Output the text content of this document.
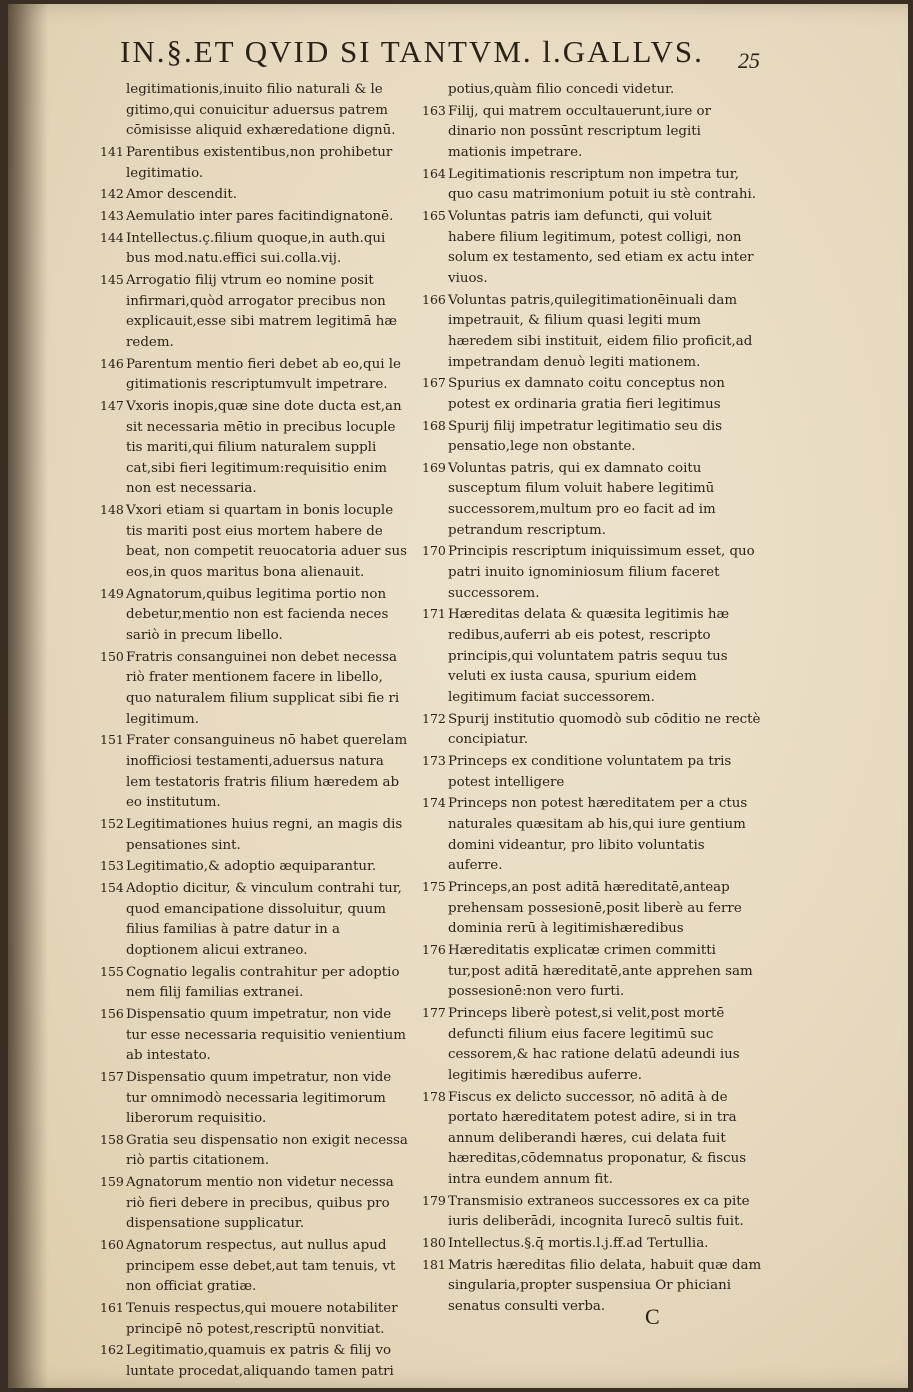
IN.§.ET QVID SI TANTVM. l.GALLVS. 25
legitimationis,inuito filio naturali & le gitimo,qui conuicitur aduersus patrem cōmisisse aliquid exhæredatione dignū.
141 Parentibus existentibus,non prohibetur legitimatio.
142 Amor descendit.
143 Aemulatio inter pares facitindignatonē.
144 Intellectus.ç.filium quoque,in auth.qui bus mod.natu.effici sui.colla.vij.
145 Arrogatio filij vtrum eo nomine posit infirmari,quòd arrogator precibus non explicauit,esse sibi matrem legitimā hæ redem.
146 Parentum mentio fieri debet ab eo,qui le gitimationis rescriptumvult impetrare.
147 Vxoris inopis,quæ sine dote ducta est,an sit necessaria mētio in precibus locuple tis mariti,qui filium naturalem suppli cat,sibi fieri legitimum:requisitio enim non est necessaria.
148 Vxori etiam si quartam in bonis locuple tis mariti post eius mortem habere de beat, non competit reuocatoria aduer sus eos,in quos maritus bona alienauit.
149 Agnatorum,quibus legitima portio non debetur,mentio non est facienda neces sariò in precum libello.
150 Fratris consanguinei non debet necessa riò frater mentionem facere in libello, quo naturalem filium supplicat sibi fie ri legitimum.
151 Frater consanguineus nō habet querelam inofficiosi testamenti,aduersus natura lem testatoris fratris filium hæredem ab eo institutum.
152 Legitimationes huius regni, an magis dis pensationes sint.
153 Legitimatio,& adoptio æquiparantur.
154 Adoptio dicitur, & vinculum contrahi tur, quod emancipatione dissoluitur, quum filius familias à patre datur in a doptionem alicui extraneo.
155 Cognatio legalis contrahitur per adoptio nem filij familias extranei.
156 Dispensatio quum impetratur, non vide tur esse necessaria requisitio venientium ab intestato.
157 Dispensatio quum impetratur, non vide tur omnimodò necessaria legitimorum liberorum requisitio.
158 Gratia seu dispensatio non exigit necessa riò partis citationem.
159 Agnatorum mentio non videtur necessa riò fieri debere in precibus, quibus pro dispensatione supplicatur.
160 Agnatorum respectus, aut nullus apud principem esse debet,aut tam tenuis, vt non officiat gratiæ.
161 Tenuis respectus,qui mouere notabiliter principē nō potest,rescriptū nonvitiat.
162 Legitimatio,quamuis ex patris & filij vo luntate procedat,aliquando tamen patri
potius,quàm filio concedi videtur.
163 Filij, qui matrem occultauerunt,iure or dinario non possūnt rescriptum legiti mationis impetrare.
164 Legitimationis rescriptum non impetra tur, quo casu matrimonium potuit iu stè contrahi.
165 Voluntas patris iam defuncti, qui voluit habere filium legitimum, potest colligi, non solum ex testamento, sed etiam ex actu inter viuos.
166 Voluntas patris,quilegitimationēinuali dam impetrauit, & filium quasi legiti mum hæredem sibi instituit, eidem filio proficit,ad impetrandam denuò legiti mationem.
167 Spurius ex damnato coitu conceptus non potest ex ordinaria gratia fieri legitimus
168 Spurij filij impetratur legitimatio seu dis pensatio,lege non obstante.
169 Voluntas patris, qui ex damnato coitu susceptum filum voluit habere legitimū successorem,multum pro eo facit ad im petrandum rescriptum.
170 Principis rescriptum iniquissimum esset, quo patri inuito ignominiosum filium faceret successorem.
171 Hæreditas delata & quæsita legitimis hæ redibus,auferri ab eis potest, rescripto principis,qui voluntatem patris sequu tus veluti ex iusta causa, spurium eidem legitimum faciat successorem.
172 Spurij institutio quomodò sub cōditio ne rectè concipiatur.
173 Princeps ex conditione voluntatem pa tris potest intelligere
174 Princeps non potest hæreditatem per a ctus naturales quæsitam ab his,qui iure gentium domini videantur, pro libito voluntatis auferre.
175 Princeps,an post aditā hæreditatē,anteap prehensam possesionē,posit liberè au ferre dominia rerū à legitimishæredibus
176 Hæreditatis explicatæ crimen committi tur,post aditā hæreditatē,ante apprehen sam possesionē:non vero furti.
177 Princeps liberè potest,si velit,post mortē defuncti filium eius facere legitimū suc cessorem,& hac ratione delatū adeundi ius legitimis hæredibus auferre.
178 Fiscus ex delicto successor, nō aditā à de portato hæreditatem potest adire, si in tra annum deliberandi hæres, cui delata fuit hæreditas,cōdemnatus proponatur, & fiscus intra eundem annum fit.
179 Transmisio extraneos successores ex ca pite iuris deliberādi, incognita Iurecō sultis fuit.
180 Intellectus.§.q̄ mortis.l.j.ff.ad Tertullia.
181 Matris hæreditas filio delata, habuit quæ dam singularia,propter suspensiua Or phiciani senatus consulti verba.	C
